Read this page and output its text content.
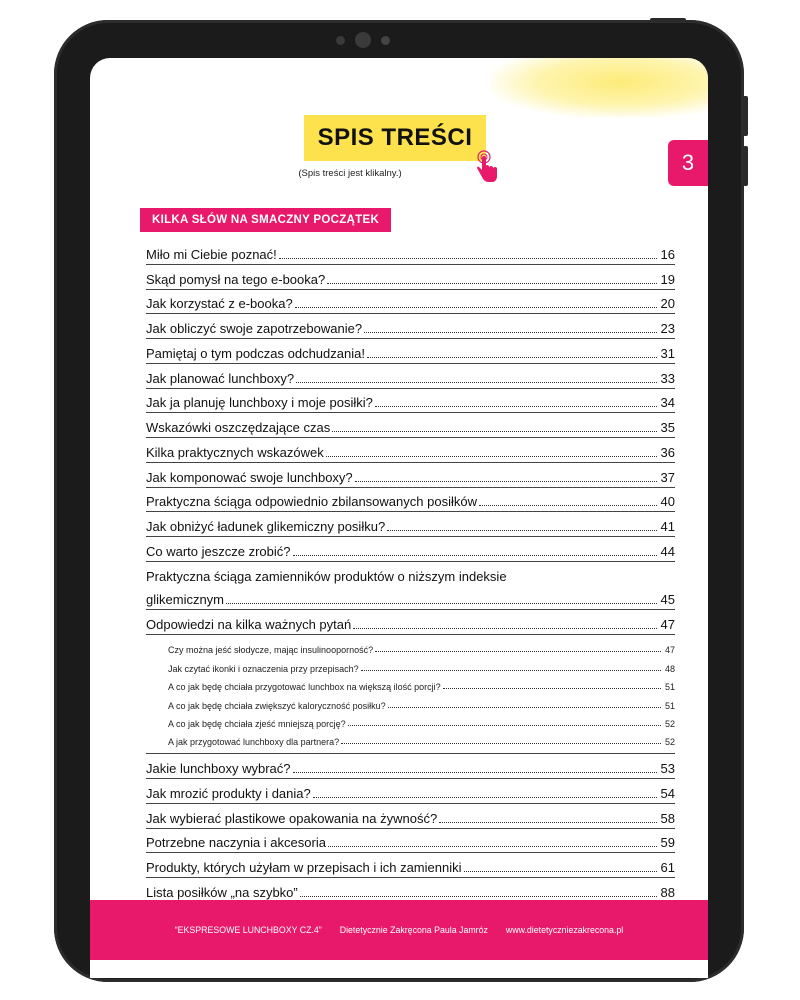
SPIS TREŚCI
(Spis treści jest klikalny.)
KILKA SŁÓW NA SMACZNY POCZĄTEK
Miło mi Ciebie poznać!	16
Skąd pomysł na tego e-booka?	19
Jak korzystać z e-booka?	20
Jak obliczyć swoje zapotrzebowanie?	23
Pamiętaj o tym podczas odchudzania!	31
Jak planować lunchboxy?	33
Jak ja planuję lunchboxy i moje posiłki?	34
Wskazówki oszczędzające czas	35
Kilka praktycznych wskazówek	36
Jak komponować swoje lunchboxy?	37
Praktyczna ściąga odpowiednio zbilansowanych posiłków	40
Jak obniżyć ładunek glikemiczny posiłku?	41
Co warto jeszcze zrobić?	44
Praktyczna ściąga zamienników produktów o niższym indeksie
glikemicznym	45
Odpowiedzi na kilka ważnych pytań	47
Czy można jeść słodycze, mając insulinooporność?	47
Jak czytać ikonki i oznaczenia przy przepisach?	48
A co jak będę chciała przygotować lunchbox na większą ilość porcji?	51
A co jak będę chciała zwiększyć kaloryczność posiłku?	51
A co jak będę chciała zjeść mniejszą porcję?	52
A jak przygotować lunchboxy dla partnera?	52
Jakie lunchboxy wybrać?	53
Jak mrozić produkty i dania?	54
Jak wybierać plastikowe opakowania na żywność?	58
Potrzebne naczynia i akcesoria	59
Produkty, których użyłam w przepisach i ich zamienniki	61
Lista posiłków „na szybko”	88
“EKSPRESOWE LUNCHBOXY CZ.4” Dietetycznie Zakręcona Paula Jamróz www.dietetyczniezakrecona.pl
3
